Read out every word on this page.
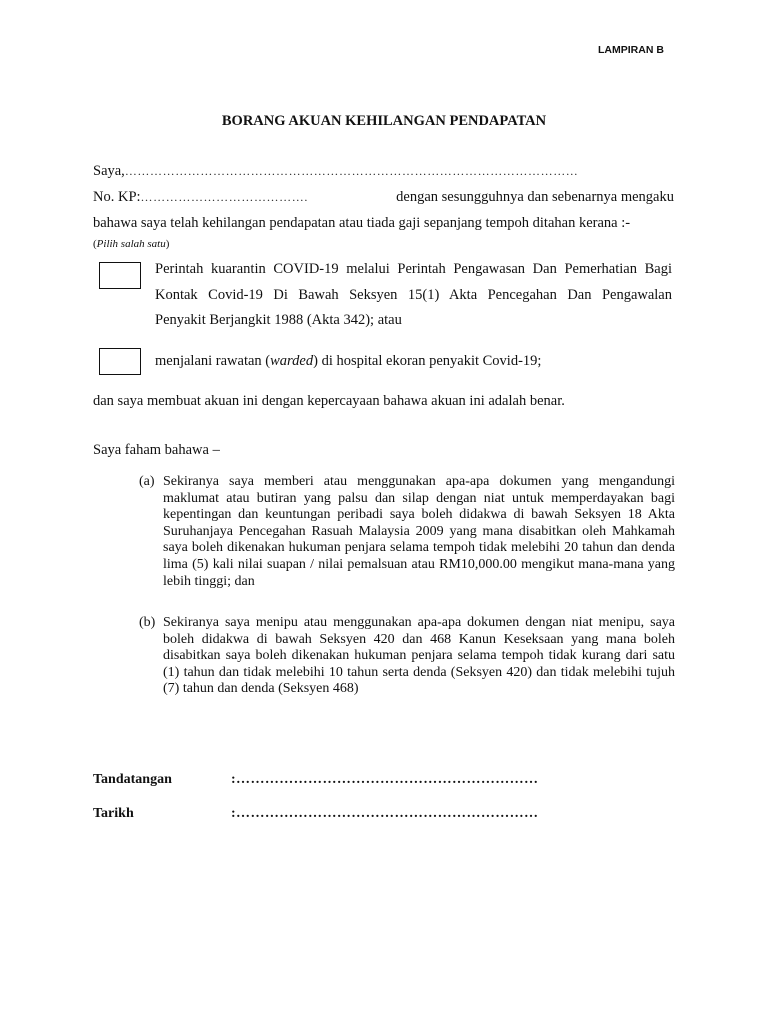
LAMPIRAN B
BORANG AKUAN KEHILANGAN PENDAPATAN
Saya,………………………………………………………………………………………………
No. KP:………………………………….	dengan sesungguhnya dan sebenarnya mengaku
bahawa saya telah kehilangan pendapatan atau tiada gaji sepanjang tempoh ditahan kerana :-
(Pilih salah satu)
Perintah kuarantin COVID-19 melalui Perintah Pengawasan Dan Pemerhatian Bagi
Kontak Covid-19 Di Bawah Seksyen 15(1) Akta Pencegahan Dan Pengawalan
Penyakit Berjangkit 1988 (Akta 342); atau
menjalani rawatan (warded) di hospital ekoran penyakit Covid-19;
dan saya membuat akuan ini dengan kepercayaan bahawa akuan ini adalah benar.
Saya faham bahawa –
(a) Sekiranya saya memberi atau menggunakan apa-apa dokumen yang mengandungi maklumat atau butiran yang palsu dan silap dengan niat untuk memperdayakan bagi kepentingan dan keuntungan peribadi saya boleh didakwa di bawah Seksyen 18 Akta Suruhanjaya Pencegahan Rasuah Malaysia 2009 yang mana disabitkan oleh Mahkamah saya boleh dikenakan hukuman penjara selama tempoh tidak melebihi 20 tahun dan denda lima (5) kali nilai suapan / nilai pemalsuan atau RM10,000.00 mengikut mana-mana yang lebih tinggi; dan
(b) Sekiranya saya menipu atau menggunakan apa-apa dokumen dengan niat menipu, saya boleh didakwa di bawah Seksyen 420 dan 468 Kanun Keseksaan yang mana boleh disabitkan saya boleh dikenakan hukuman penjara selama tempoh tidak kurang dari satu (1) tahun dan tidak melebihi 10 tahun serta denda (Seksyen 420) dan tidak melebihi tujuh (7) tahun dan denda (Seksyen 468)
Tandatangan	:………………………………………………………
Tarikh	:………………………………………………………
